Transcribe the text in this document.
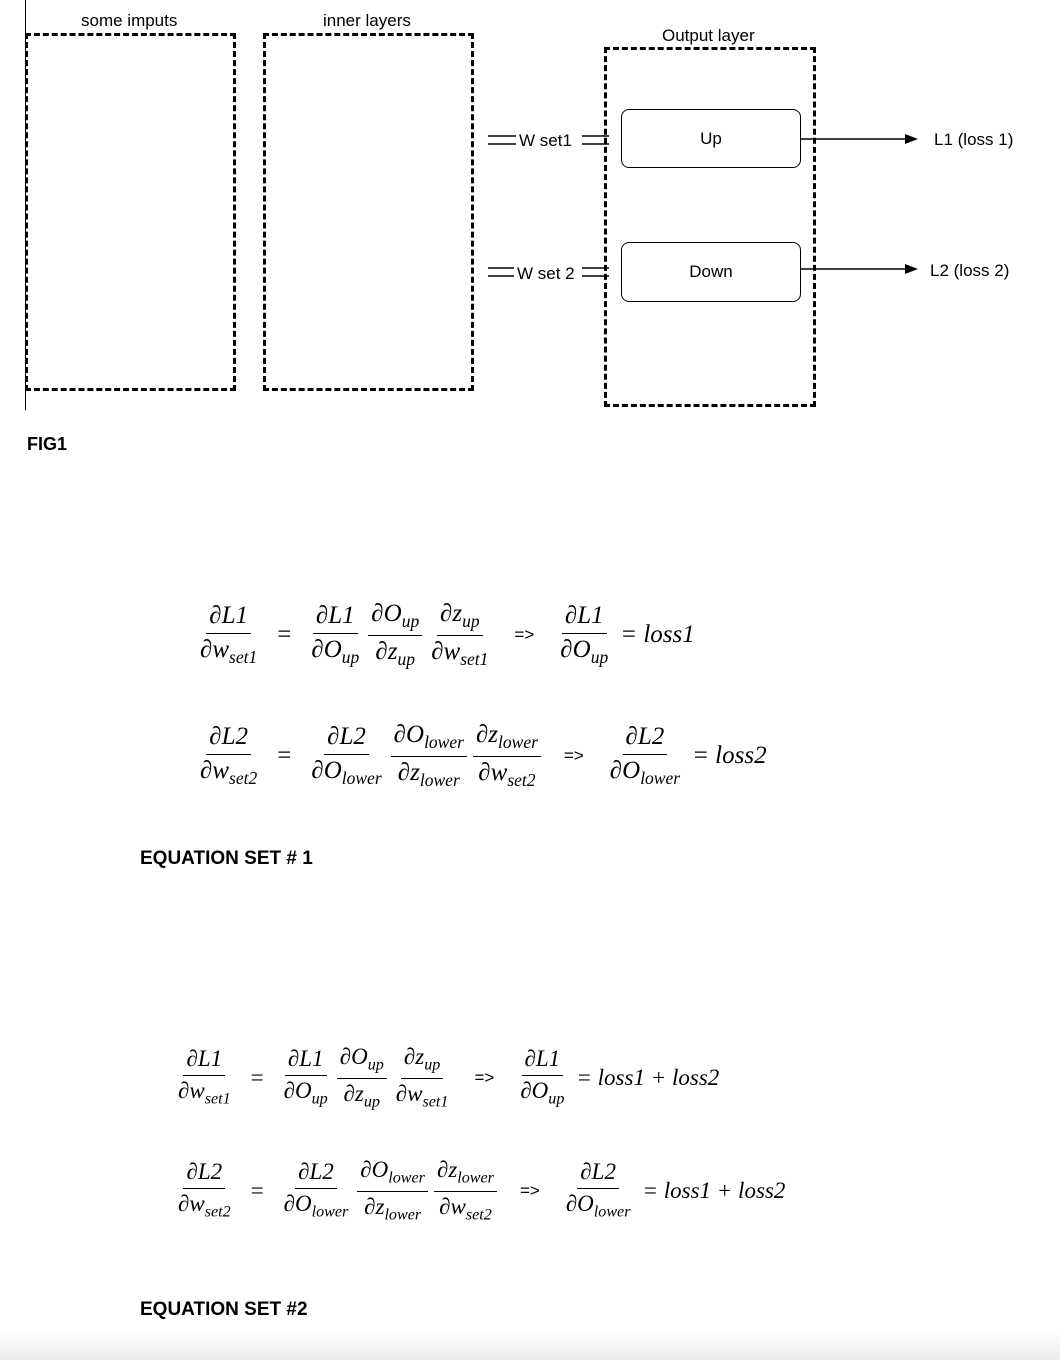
some imputs	inner layers
Output layer
W set1
W set 2
Up
Down
L1 (loss 1)
L2 (loss 2)
FIG1
$\frac{\partial L1}{\partial w_{set1}} = \frac{\partial L1}{\partial O_{up}} \frac{\partial O_{up}}{\partial z_{up}} \frac{\partial z_{up}}{\partial w_{set1}} => \frac{\partial L1}{\partial O_{up}}$ = loss1
$\frac{\partial L2}{\partial w_{set2}} = \frac{\partial L2}{\partial O_{lower}} \frac{\partial O_{lower}}{\partial z_{lower}} \frac{\partial z_{lower}}{\partial w_{set2}} => \frac{\partial L2}{\partial O_{lower}}$ = loss2
EQUATION SET # 1
$\frac{\partial L1}{\partial w_{set1}} = \frac{\partial L1}{\partial O_{up}} \frac{\partial O_{up}}{\partial z_{up}} \frac{\partial z_{up}}{\partial w_{set1}} => \frac{\partial L1}{\partial O_{up}}$ = loss1 + loss2
$\frac{\partial L2}{\partial w_{set2}} = \frac{\partial L2}{\partial O_{lower}} \frac{\partial O_{lower}}{\partial z_{lower}} \frac{\partial z_{lower}}{\partial w_{set2}} => \frac{\partial L2}{\partial O_{lower}}$ = loss1 + loss2
EQUATION SET #2
